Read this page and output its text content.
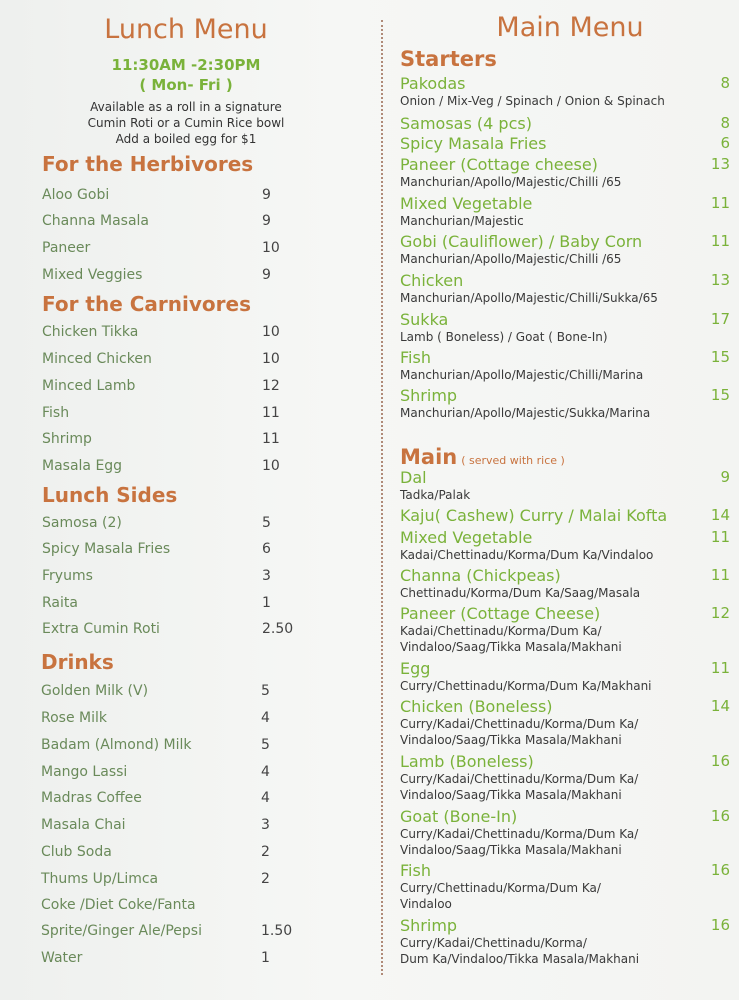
Lunch Menu
11:30AM -2:30PM
( Mon- Fri )
Available as a roll in a signature
Cumin Roti or a Cumin Rice bowl
Add a boiled egg for $1
For the Herbivores
Aloo Gobi	9
Channa Masala	9
Paneer	10
Mixed Veggies	9
For the Carnivores
Chicken Tikka	10
Minced Chicken	10
Minced Lamb	12
Fish	11
Shrimp	11
Masala Egg	10
Lunch Sides
Samosa (2)	5
Spicy Masala Fries	6
Fryums	3
Raita	1
Extra Cumin Roti	2.50
Drinks
Golden Milk (V)	5
Rose Milk	4
Badam (Almond) Milk	5
Mango Lassi	4
Madras Coffee	4
Masala Chai	3
Club Soda	2
Thums Up/Limca	2
Coke /Diet Coke/Fanta
Sprite/Ginger Ale/Pepsi	1.50
Water	1
Main Menu
Starters
Pakodas	8
Onion / Mix-Veg / Spinach / Onion & Spinach
Samosas (4 pcs)	8
Spicy Masala Fries	6
Paneer (Cottage cheese)	13
Manchurian/Apollo/Majestic/Chilli /65
Mixed Vegetable	11
Manchurian/Majestic
Gobi (Cauliflower) / Baby Corn	11
Manchurian/Apollo/Majestic/Chilli /65
Chicken	13
Manchurian/Apollo/Majestic/Chilli/Sukka/65
Sukka	17
Lamb ( Boneless) / Goat ( Bone-In)
Fish	15
Manchurian/Apollo/Majestic/Chilli/Marina
Shrimp	15
Manchurian/Apollo/Majestic/Sukka/Marina
Main ( served with rice )
Dal	9
Tadka/Palak
Kaju( Cashew) Curry / Malai Kofta	14
Mixed Vegetable	11
Kadai/Chettinadu/Korma/Dum Ka/Vindaloo
Channa (Chickpeas)	11
Chettinadu/Korma/Dum Ka/Saag/Masala
Paneer (Cottage Cheese)	12
Kadai/Chettinadu/Korma/Dum Ka/
Vindaloo/Saag/Tikka Masala/Makhani
Egg	11
Curry/Chettinadu/Korma/Dum Ka/Makhani
Chicken (Boneless)	14
Curry/Kadai/Chettinadu/Korma/Dum Ka/
Vindaloo/Saag/Tikka Masala/Makhani
Lamb (Boneless)	16
Curry/Kadai/Chettinadu/Korma/Dum Ka/
Vindaloo/Saag/Tikka Masala/Makhani
Goat (Bone-In)	16
Curry/Kadai/Chettinadu/Korma/Dum Ka/
Vindaloo/Saag/Tikka Masala/Makhani
Fish	16
Curry/Chettinadu/Korma/Dum Ka/
Vindaloo
Shrimp	16
Curry/Kadai/Chettinadu/Korma/
Dum Ka/Vindaloo/Tikka Masala/Makhani
